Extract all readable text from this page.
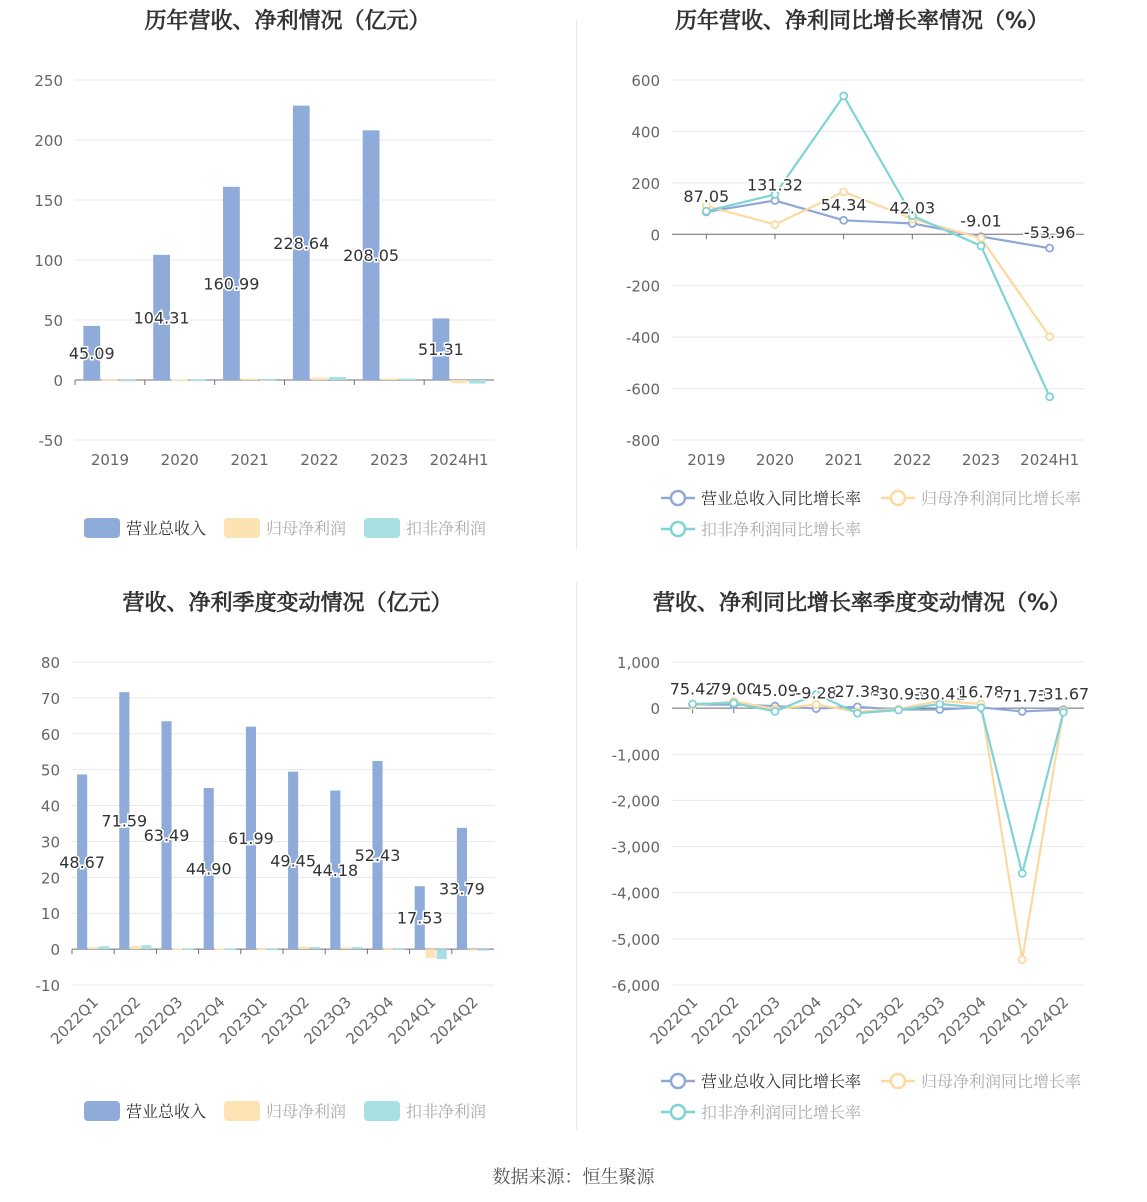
历年营收、净利情况（亿元）
250
200
150
100
50
0
-50
2019 2020 2021 2022 2023 2024H1
45.09
104.31
160.99
228.64
208.05
51.31
营业总收入	归母净利润	扣非净利润
历年营收、净利同比增长率情况（%）
600
400
200
0
-200
-400
-600
-800
2019 2020 2021 2022 2023 2024H1
87.05
131.32
54.34 42.03
-9.01
-53.96
营业总收入同比增长率	归母净利润同比增长率
扣非净利润同比增长率
营收、净利季度变动情况（亿元）
80
70
60
50
40
30
20
10
0
-10
2022Q1
2022Q2
2022Q3
2022Q4
2023Q1
2023Q2
2023Q3
2023Q4
2024Q1
2024Q2
48.67
71.59
63.49
44.90
61.99
49.45
44.18
52.43
17.53
33.79
营业总收入	归母净利润	扣非净利润
营收、净利同比增长率季度变动情况（%）
1,000
0
-1,000
-2,000
-3,000
-4,000
-5,000
-6,000
2022Q1
2022Q2
2022Q3
2022Q4
2023Q1
2023Q2
2023Q3
2023Q4
2024Q1
2024Q2
75.42
79.00
45.09
-9.28
27.38
-30.93
-30.41
16.78
-71.73
-31.67
营业总收入同比增长率	归母净利润同比增长率
扣非净利润同比增长率
数据来源：恒生聚源
